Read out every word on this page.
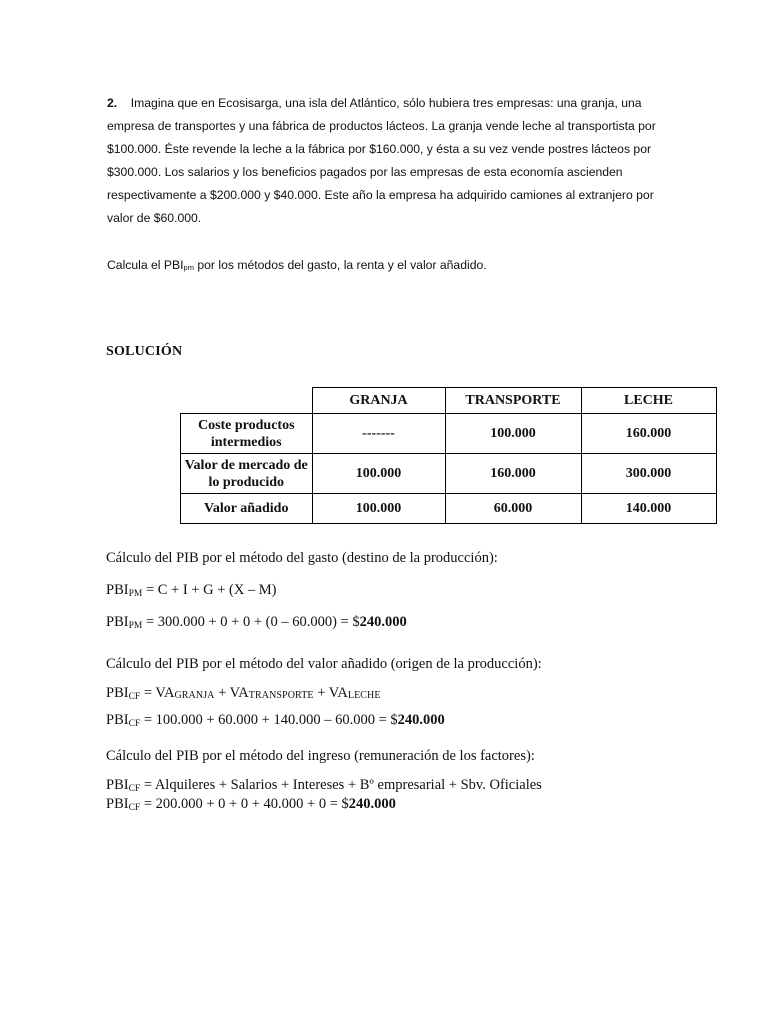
2. Imagina que en Ecosisarga, una isla del Atlántico, sólo hubiera tres empresas: una granja, una empresa de transportes y una fábrica de productos lácteos. La granja vende leche al transportista por $100.000. Éste revende la leche a la fábrica por $160.000, y ésta a su vez vende postres lácteos por $300.000. Los salarios y los beneficios pagados por las empresas de esta economía ascienden respectivamente a $200.000 y $40.000. Este año la empresa ha adquirido camiones al extranjero por valor de $60.000.

Calcula el $PBI_{pm}$ por los métodos del gasto, la renta y el valor añadido.
SOLUCIÓN
	GRANJA	TRANSPORTE	LECHE
Coste productos intermedios	-------	100.000	160.000
Valor de mercado de lo producido	100.000	160.000	300.000
Valor añadido	100.000	60.000	140.000
Cálculo del PIB por el método del gasto (destino de la producción):
$PBI_{PM} = C + I + G + (X - M)$
$PBI_{PM} = 300.000 + 0 + 0 + (0 - 60.000)$ = $240.000
Cálculo del PIB por el método del valor añadido (origen de la producción):
$PBI_{CF}$ = VAGRANJA + VATRANSPORTE + VALECHE
$PBI_{CF} = 100.000 + 60.000 + 140.000 - 60.000$ = $240.000
Cálculo del PIB por el método del ingreso (remuneración de los factores):
$PBI_{CF}$ = Alquileres + Salarios + Intereses + Bº empresarial + Sbv. Oficiales
$PBI_{CF} = 200.000 + 0 + 0 + 40.000 + 0$ = $240.000
